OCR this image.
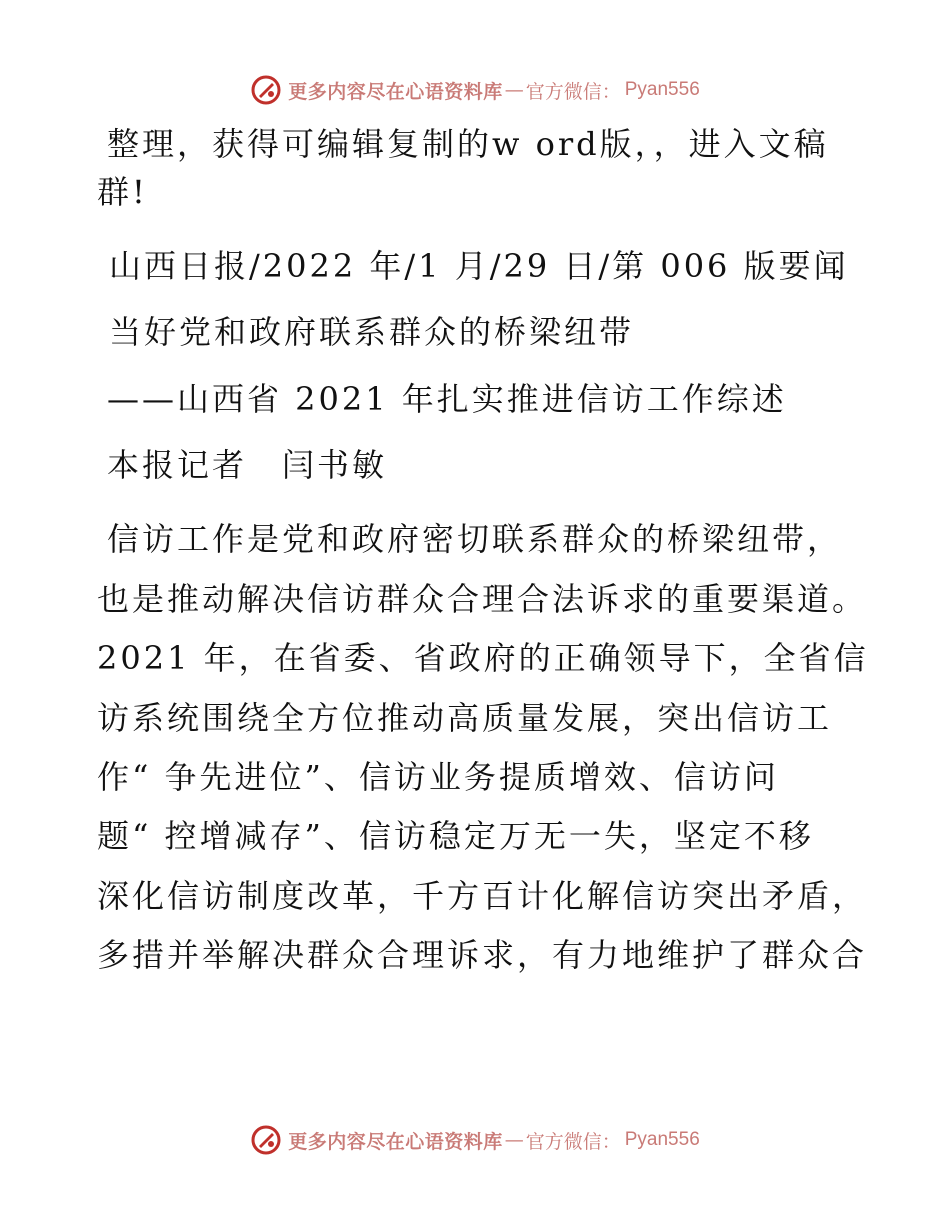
更多内容尽在心语资料库 — 官方微信： Pyan556
整理，获得可编辑复制的w ord版，，进入文稿
群!
山西日报/2022 年/1 月/29 日/第 006 版要闻
当好党和政府联系群众的桥梁纽带
——山西省 2021 年扎实推进信访工作综述
本报记者　闫书敏
信访工作是党和政府密切联系群众的桥梁纽带，
也是推动解决信访群众合理合法诉求的重要渠道。
2021 年，在省委、省政府的正确领导下，全省信
访系统围绕全方位推动高质量发展，突出信访工
作“ 争先进位”、信访业务提质增效、信访问
题“ 控增减存”、信访稳定万无一失，坚定不移
深化信访制度改革，千方百计化解信访突出矛盾，
多措并举解决群众合理诉求，有力地维护了群众合
更多内容尽在心语资料库 — 官方微信： Pyan556
